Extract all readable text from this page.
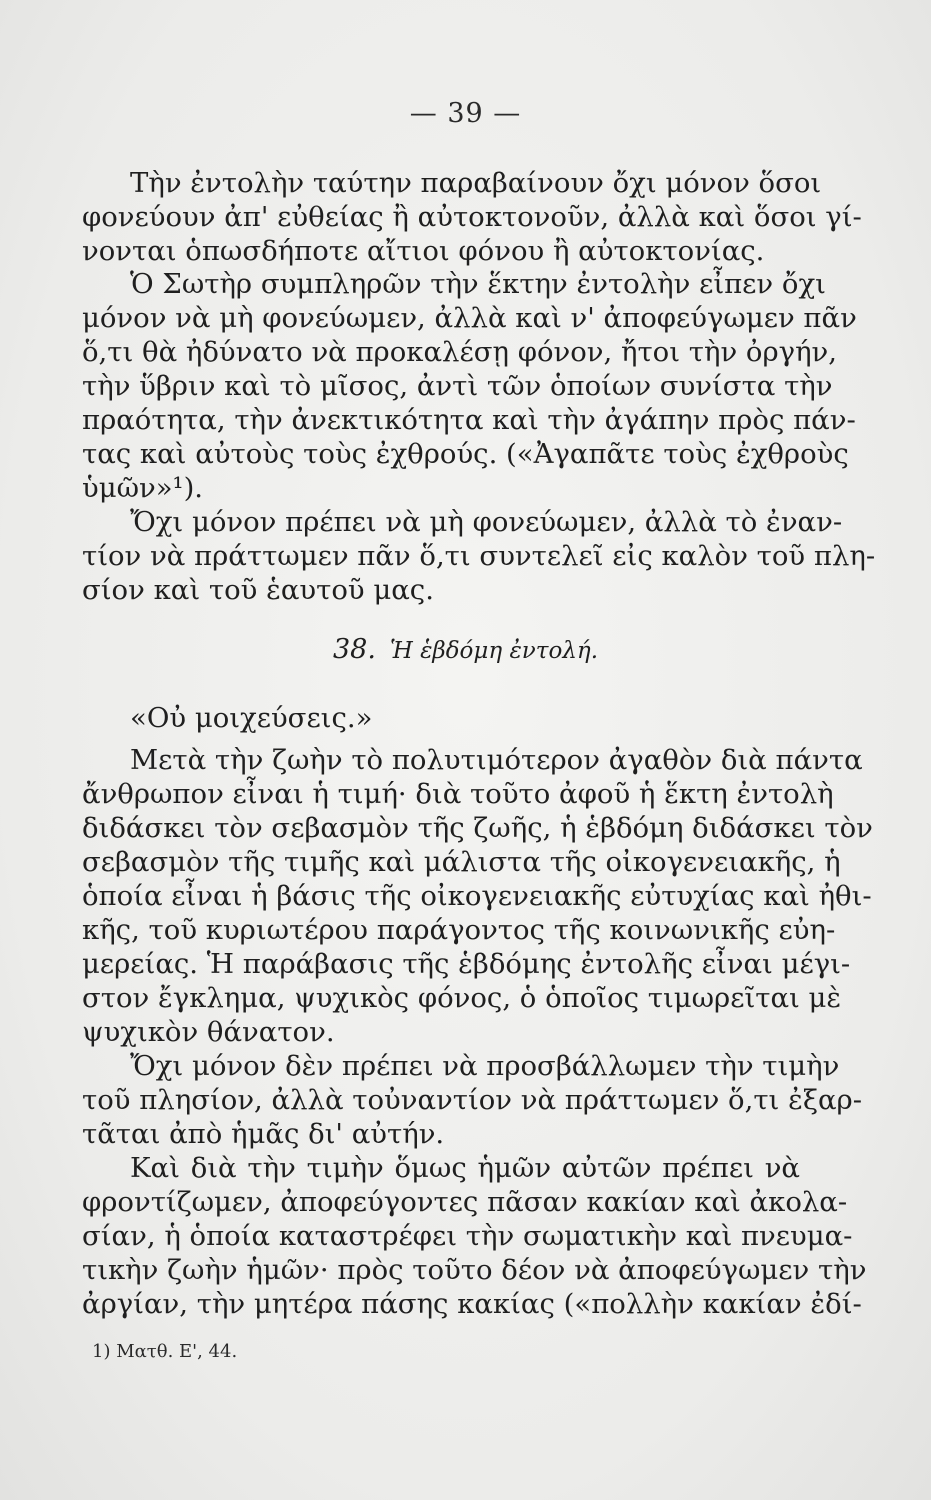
— 39 —
Τὴν ἐντολὴν ταύτην παραβαίνουν ὄχι μόνον ὅσοι
φονεύουν ἀπ' εὐθείας ἢ αὐτοκτονοῦν, ἀλλὰ καὶ ὅσοι γί-
νονται ὁπωσδήποτε αἴτιοι φόνου ἢ αὐτοκτονίας.
Ὁ Σωτὴρ συμπληρῶν τὴν ἕκτην ἐντολὴν εἶπεν ὄχι
μόνον νὰ μὴ φονεύωμεν, ἀλλὰ καὶ ν' ἀποφεύγωμεν πᾶν
ὅ,τι θὰ ἠδύνατο νὰ προκαλέσῃ φόνον, ἤτοι τὴν ὀργήν,
τὴν ὕβριν καὶ τὸ μῖσος, ἀντὶ τῶν ὁποίων συνίστα τὴν
πραότητα, τὴν ἀνεκτικότητα καὶ τὴν ἀγάπην πρὸς πάν-
τας καὶ αὐτοὺς τοὺς ἐχθρούς. («Ἀγαπᾶτε τοὺς ἐχθροὺς
ὑμῶν»¹).
Ὄχι μόνον πρέπει νὰ μὴ φονεύωμεν, ἀλλὰ τὸ ἐναν-
τίον νὰ πράττωμεν πᾶν ὅ,τι συντελεῖ εἰς καλὸν τοῦ πλη-
σίον καὶ τοῦ ἑαυτοῦ μας.
38. Ἡ ἑβδόμη ἐντολή.
«Οὐ μοιχεύσεις.»
Μετὰ τὴν ζωὴν τὸ πολυτιμότερον ἀγαθὸν διὰ πάντα
ἄνθρωπον εἶναι ἡ τιμή· διὰ τοῦτο ἀφοῦ ἡ ἕκτη ἐντολὴ
διδάσκει τὸν σεβασμὸν τῆς ζωῆς, ἡ ἑβδόμη διδάσκει τὸν
σεβασμὸν τῆς τιμῆς καὶ μάλιστα τῆς οἰκογενειακῆς, ἡ
ὁποία εἶναι ἡ βάσις τῆς οἰκογενειακῆς εὐτυχίας καὶ ἠθι-
κῆς, τοῦ κυριωτέρου παράγοντος τῆς κοινωνικῆς εὐη-
μερείας. Ἡ παράβασις τῆς ἑβδόμης ἐντολῆς εἶναι μέγι-
στον ἔγκλημα, ψυχικὸς φόνος, ὁ ὁποῖος τιμωρεῖται μὲ
ψυχικὸν θάνατον.
Ὄχι μόνον δὲν πρέπει νὰ προσβάλλωμεν τὴν τιμὴν
τοῦ πλησίον, ἀλλὰ τοὐναντίον νὰ πράττωμεν ὅ,τι ἐξαρ-
τᾶται ἀπὸ ἡμᾶς δι' αὐτήν.
Καὶ διὰ τὴν τιμὴν ὅμως ἡμῶν αὐτῶν πρέπει νὰ
φροντίζωμεν, ἀποφεύγοντες πᾶσαν κακίαν καὶ ἀκολα-
σίαν, ἡ ὁποία καταστρέφει τὴν σωματικὴν καὶ πνευμα-
τικὴν ζωὴν ἡμῶν· πρὸς τοῦτο δέον νὰ ἀποφεύγωμεν τὴν
ἀργίαν, τὴν μητέρα πάσης κακίας («πολλὴν κακίαν ἐδί-
1) Ματθ. Ε', 44.
